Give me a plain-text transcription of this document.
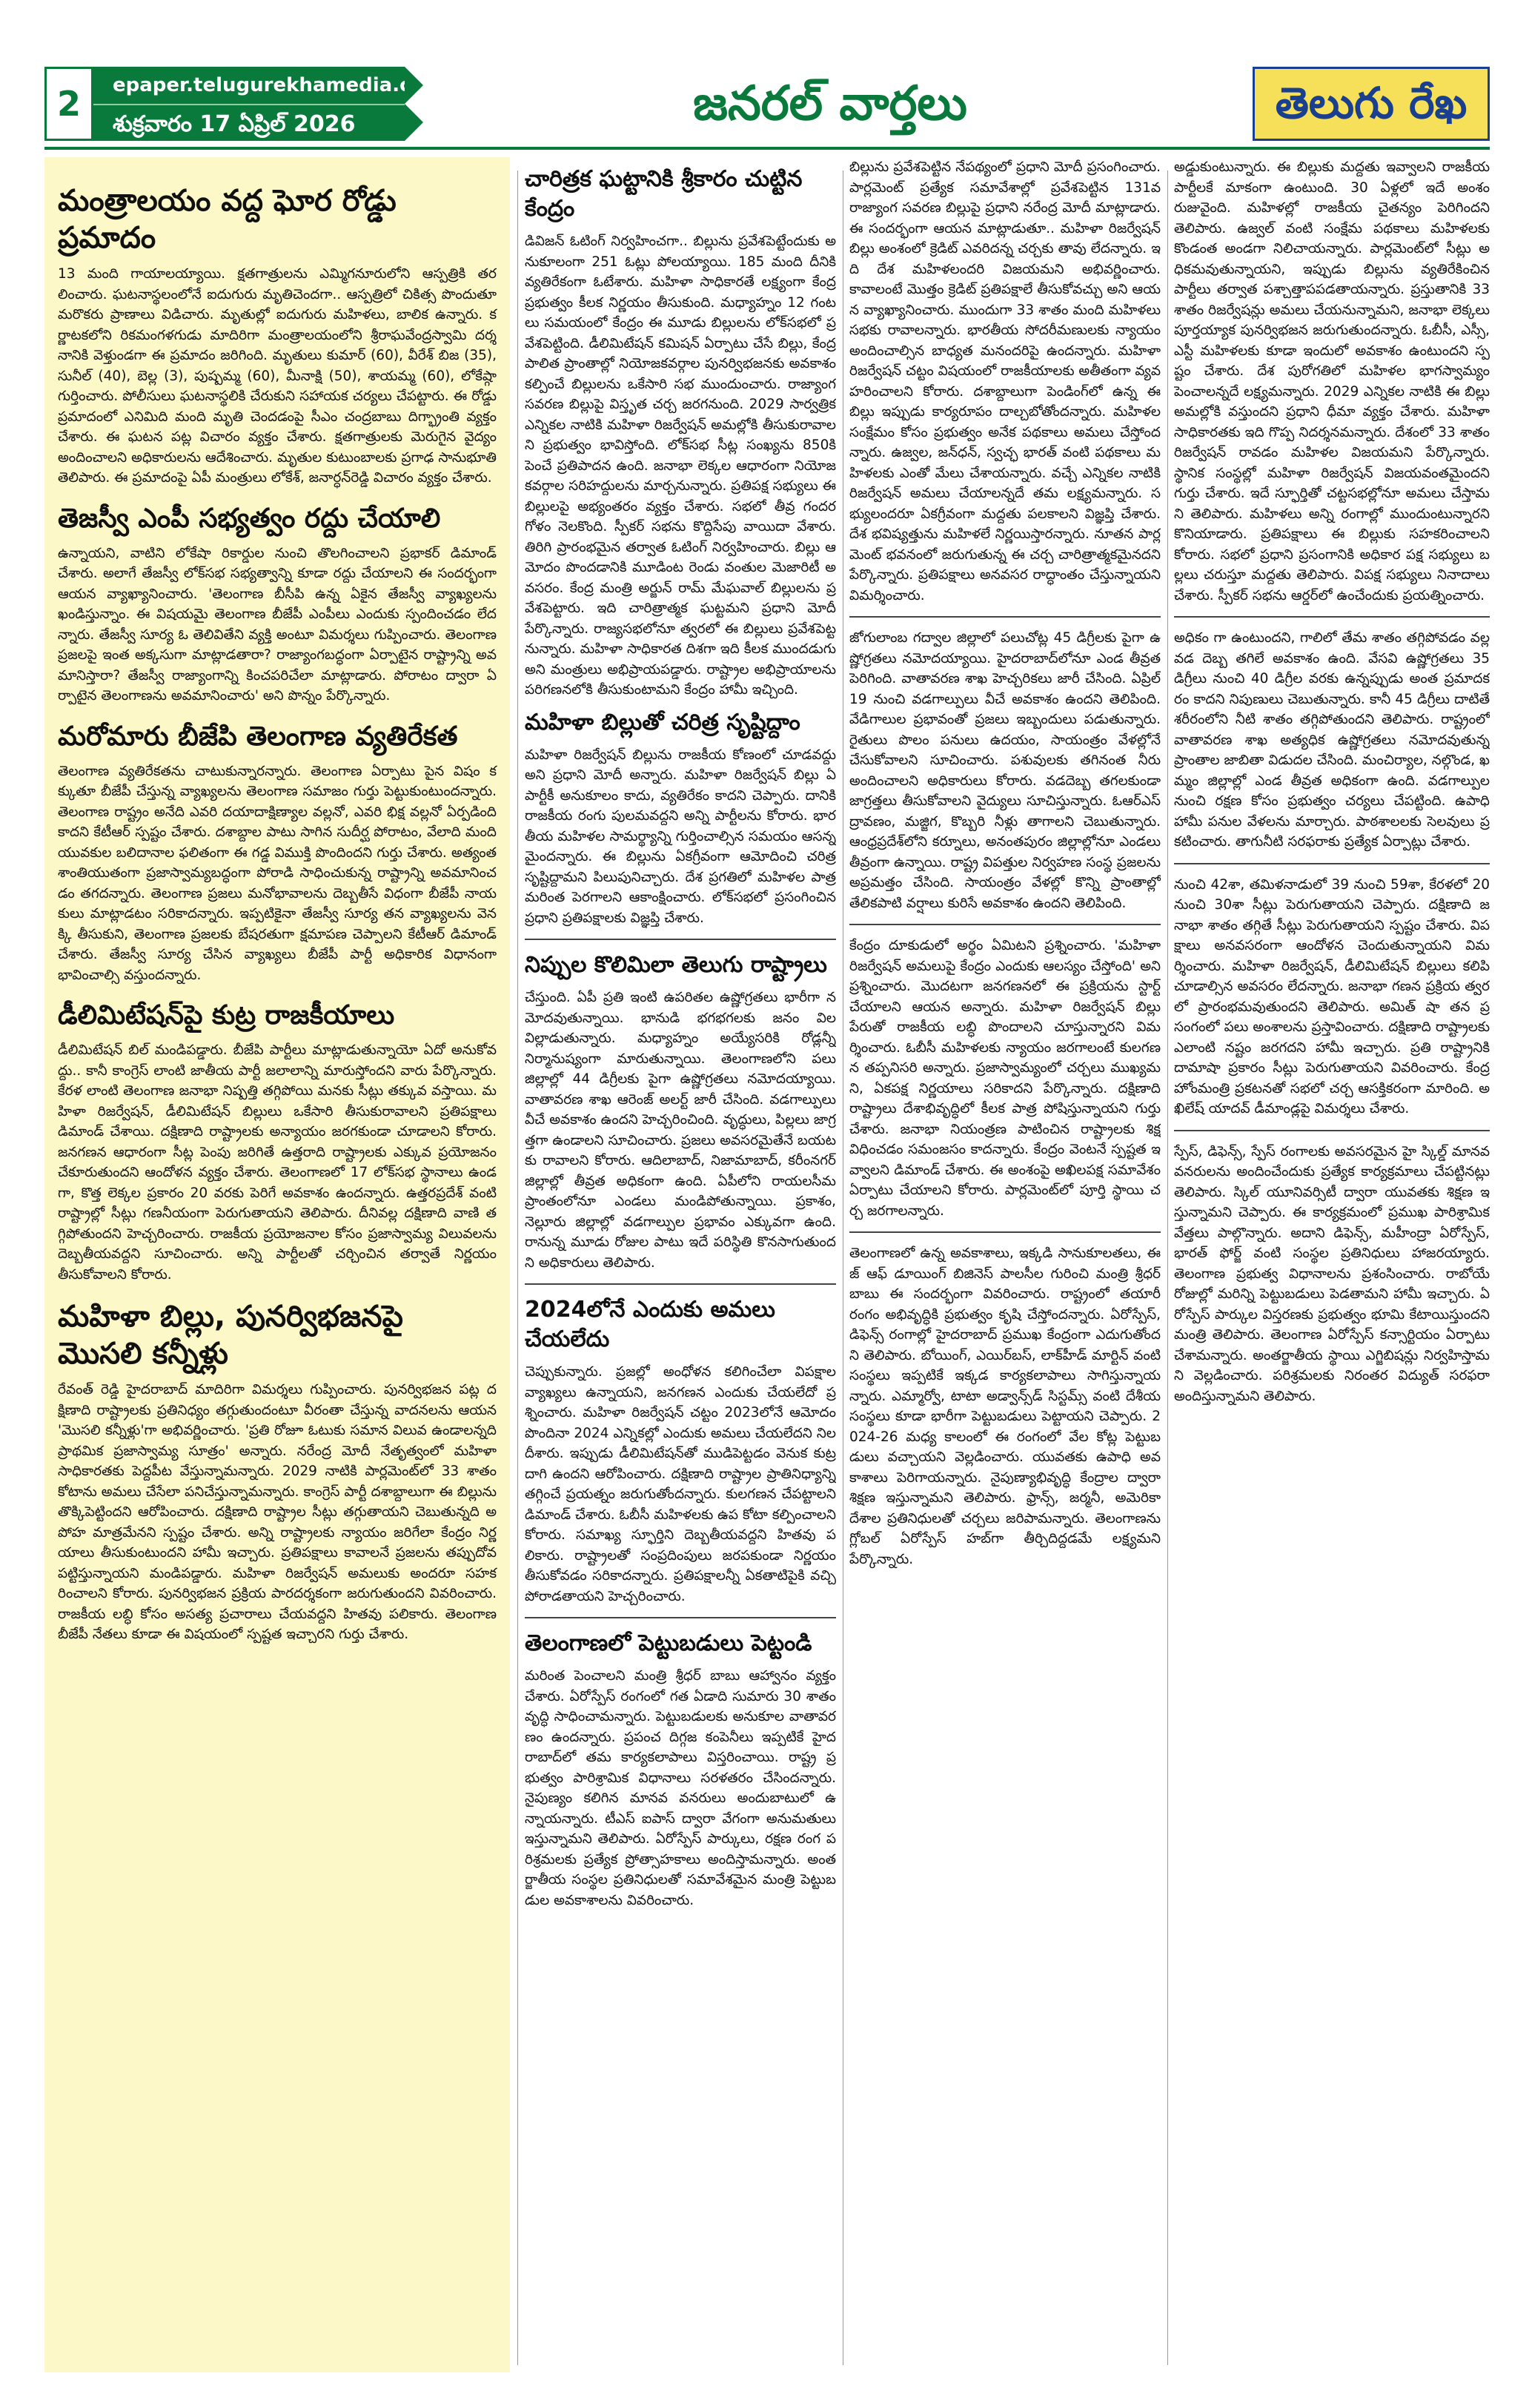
2	epaper.telugurekhamedia.com
శుక్రవారం 17 ఏప్రిల్ 2026	జనరల్ వార్తలు	తెలుగు రేఖ
మంత్రాలయం వద్ద ఘోర రోడ్డు ప్రమాదం

13 మంది గాయాలయ్యాయి. క్షతగాత్రులను ఎమ్మిగనూరులోని ఆస్పత్రికి తరలించారు. ఘటనాస్థలంలోనే ఐదుగురు మృతిచెందగా.. ఆస్పత్రిలో చికిత్స పొందుతూ మరొకరు ప్రాణాలు విడిచారు. మృతుల్లో ఐదుగురు మహిళలు, బాలిక ఉన్నారు. కర్ణాటకలోని రికమంగళగుడు మాదిరిగా మంత్రాలయంలోని శ్రీరాఘవేంద్రస్వామి దర్శనానికి వెళ్తుండగా ఈ ప్రమాదం జరిగింది. మృతులు కుమార్ (60), వీరేశ్ బిజ (35), సునీల్ (40), బెల్ల (3), పుష్పమ్మ (60), మీనాక్షి (50), శాయమ్మ (60), లోకేష్గా గుర్తించారు. పోలీసులు ఘటనాస్థలికి చేరుకుని సహాయక చర్యలు చేపట్టారు. ఈ రోడ్డు ప్రమాదంలో ఎనిమిది మంది మృతి చెందడంపై సీఎం చంద్రబాబు దిగ్భ్రాంతి వ్యక్తం చేశారు. ఈ ఘటన పట్ల విచారం వ్యక్తం చేశారు. క్షతగాత్రులకు మెరుగైన వైద్యం అందించాలని అధికారులను ఆదేశించారు. మృతుల కుటుంబాలకు ప్రగాఢ సానుభూతి తెలిపారు. ఈ ప్రమాదంపై ఏపీ మంత్రులు లోకేశ్, జనార్ధన్‌రెడ్డి విచారం వ్యక్తం చేశారు.

తెజస్వీ ఎంపీ సభ్యత్వం రద్దు చేయాలి

ఉన్నాయని, వాటిని లోకేషా రికార్డుల నుంచి తొలగించాలని ప్రభాకర్ డిమాండ్ చేశారు. అలాగే తేజస్వీ లోక్‌సభ సభ్యత్వాన్ని కూడా రద్దు చేయాలని ఈ సందర్భంగా ఆయన వ్యాఖ్యానించారు. 'తెలంగాణ బీసీపి ఉన్న ఏకైన తేజస్వీ వ్యాఖ్యలను ఖండిస్తున్నాం. ఈ విషయమై తెలంగాణ బీజేపీ ఎంపీలు ఎందుకు స్పందించడం లేదన్నారు. తేజస్వీ సూర్య ఓ తెలివితేని వ్యక్తి అంటూ విమర్శలు గుప్పించారు. తెలంగాణ ప్రజలపై ఇంత అక్కసుగా మాట్లాడతారా? రాజ్యాంగబద్ధంగా ఏర్పాటైన రాష్ట్రాన్ని అవమానిస్తారా? తేజస్వీ రాజ్యాంగాన్ని కించపరిచేలా మాట్లాడారు. పోరాటం ద్వారా ఏర్పాటైన తెలంగాణను అవమానించారు' అని పొన్నం పేర్కొన్నారు.

మరోమారు బీజేపి తెలంగాణ వ్యతిరేకత

తెలంగాణ వ్యతిరేకతను చాటుకున్నారన్నారు. తెలంగాణ ఏర్పాటు పైన విషం కక్కుతూ బీజేపీ చేస్తున్న వ్యాఖ్యలను తెలంగాణ సమాజం గుర్తు పెట్టుకుంటుందన్నారు. తెలంగాణ రాష్ట్రం అనేది ఎవరి దయాదాక్షిణ్యాల వల్లనో, ఎవరి భిక్ష వల్లనో ఏర్పడింది కాదని కేటీఆర్ స్పష్టం చేశారు. దశాబ్దాల పాటు సాగిన సుదీర్ఘ పోరాటం, వేలాది మంది యువకుల బలిదానాల ఫలితంగా ఈ గడ్డ విముక్తి పొందిందని గుర్తు చేశారు. అత్యంత శాంతియుతంగా ప్రజాస్వామ్యబద్ధంగా పోరాడి సాధించుకున్న రాష్ట్రాన్ని అవమానించడం తగదన్నారు. తెలంగాణ ప్రజలు మనోభావాలను దెబ్బతీసే విధంగా బీజేపీ నాయకులు మాట్లాడటం సరికాదన్నారు. ఇప్పటికైనా తేజస్వీ సూర్య తన వ్యాఖ్యలను వెనక్కి తీసుకుని, తెలంగాణ ప్రజలకు బేషరతుగా క్షమాపణ చెప్పాలని కేటీఆర్ డిమాండ్ చేశారు. తేజస్వీ సూర్య చేసిన వ్యాఖ్యలు బీజేపీ పార్టీ అధికారిక విధానంగా భావించాల్సి వస్తుందన్నారు.

డీలిమిటేషన్‌పై కుట్ర రాజకీయాలు

డీలిమిటేషన్ బిల్ మండిపడ్డారు. బీజేపి పార్టీలు మాట్లాడుతున్నాయో ఏదో అనుకోవద్దు.. కానీ కాంగ్రెస్ లాంటి జాతీయ పార్టీ జలాలాన్ని మారుస్తోందని వారు పేర్కొన్నారు. కేరళ లాంటి తెలంగాణ జనాభా నిష్పత్తి తగ్గిపోయి మనకు సీట్లు తక్కువ వస్తాయి. మహిళా రిజర్వేషన్, డీలిమిటేషన్ బిల్లులు ఒకేసారి తీసుకురావాలని ప్రతిపక్షాలు డిమాండ్ చేశాయి. దక్షిణాది రాష్ట్రాలకు అన్యాయం జరగకుండా చూడాలని కోరారు. జనగణన ఆధారంగా సీట్ల పెంపు జరిగితే ఉత్తరాది రాష్ట్రాలకు ఎక్కువ ప్రయోజనం చేకూరుతుందని ఆందోళన వ్యక్తం చేశారు. తెలంగాణలో 17 లోక్‌సభ స్థానాలు ఉండగా, కొత్త లెక్కల ప్రకారం 20 వరకు పెరిగే అవకాశం ఉందన్నారు. ఉత్తరప్రదేశ్ వంటి రాష్ట్రాల్లో సీట్లు గణనీయంగా పెరుగుతాయని తెలిపారు. దీనివల్ల దక్షిణాది వాణి తగ్గిపోతుందని హెచ్చరించారు. రాజకీయ ప్రయోజనాల కోసం ప్రజాస్వామ్య విలువలను దెబ్బతీయవద్దని సూచించారు. అన్ని పార్టీలతో చర్చించిన తర్వాతే నిర్ణయం తీసుకోవాలని కోరారు.

మహిళా బిల్లు, పునర్విభజనపై మొసలి కన్నీళ్లు

రేవంత్ రెడ్డి హైదరాబాద్ మాదిరిగా విమర్శలు గుప్పించారు. పునర్విభజన పట్ల దక్షిణాది రాష్ట్రాలకు ప్రతినిధ్యం తగ్గుతుందంటూ వీరంతా చేస్తున్న వాదనలను ఆయన 'మొసలి కన్నీళ్లు'గా అభివర్ణించారు. 'ప్రతి రోజూ ఓటుకు సమాన విలువ ఉండాలన్నది ప్రాథమిక ప్రజాస్వామ్య సూత్రం' అన్నారు. నరేంద్ర మోదీ నేతృత్వంలో మహిళా సాధికారతకు పెద్దపీట వేస్తున్నామన్నారు. 2029 నాటికి పార్లమెంట్‌లో 33 శాతం కోటాను అమలు చేసేలా పనిచేస్తున్నామన్నారు. కాంగ్రెస్ పార్టీ దశాబ్దాలుగా ఈ బిల్లును తొక్కిపెట్టిందని ఆరోపించారు. దక్షిణాది రాష్ట్రాల సీట్లు తగ్గుతాయని చెబుతున్నది అపోహ మాత్రమేనని స్పష్టం చేశారు. అన్ని రాష్ట్రాలకు న్యాయం జరిగేలా కేంద్రం నిర్ణయాలు తీసుకుంటుందని హామీ ఇచ్చారు. ప్రతిపక్షాలు కావాలనే ప్రజలను తప్పుదోవ పట్టిస్తున్నాయని మండిపడ్డారు. మహిళా రిజర్వేషన్ అమలుకు అందరూ సహకరించాలని కోరారు. పునర్విభజన ప్రక్రియ పారదర్శకంగా జరుగుతుందని వివరించారు. రాజకీయ లబ్ధి కోసం అసత్య ప్రచారాలు చేయవద్దని హితవు పలికారు. తెలంగాణ బీజేపీ నేతలు కూడా ఈ విషయంలో స్పష్టత ఇచ్చారని గుర్తు చేశారు.

చారిత్రక ఘట్టానికి శ్రీకారం చుట్టిన కేంద్రం

డివిజన్ ఓటింగ్ నిర్వహించగా.. బిల్లును ప్రవేశపెట్టేందుకు అనుకూలంగా 251 ఓట్లు పోలయ్యాయి. 185 మంది దీనికి వ్యతిరేకంగా ఓటేశారు. మహిళా సాధికారతే లక్ష్యంగా కేంద్ర ప్రభుత్వం కీలక నిర్ణయం తీసుకుంది. మధ్యాహ్నం 12 గంటలు సమయంలో కేంద్రం ఈ మూడు బిల్లులను లోక్‌సభలో ప్రవేశపెట్టింది. డీలిమిటేషన్ కమిషన్ ఏర్పాటు చేసే బిల్లు, కేంద్ర పాలిత ప్రాంతాల్లో నియోజకవర్గాల పునర్విభజనకు అవకాశం కల్పించే బిల్లులను ఒకేసారి సభ ముందుంచారు. రాజ్యాంగ సవరణ బిల్లుపై విస్తృత చర్చ జరగనుంది. 2029 సార్వత్రిక ఎన్నికల నాటికి మహిళా రిజర్వేషన్ అమల్లోకి తీసుకురావాలని ప్రభుత్వం భావిస్తోంది. లోక్‌సభ సీట్ల సంఖ్యను 850కి పెంచే ప్రతిపాదన ఉంది. జనాభా లెక్కల ఆధారంగా నియోజకవర్గాల సరిహద్దులను మార్చనున్నారు. ప్రతిపక్ష సభ్యులు ఈ బిల్లులపై అభ్యంతరం వ్యక్తం చేశారు. సభలో తీవ్ర గందరగోళం నెలకొంది. స్పీకర్ సభను కొద్దిసేపు వాయిదా వేశారు. తిరిగి ప్రారంభమైన తర్వాత ఓటింగ్ నిర్వహించారు. బిల్లు ఆమోదం పొందడానికి మూడింట రెండు వంతుల మెజారిటీ అవసరం. కేంద్ర మంత్రి అర్జున్ రామ్ మేఘవాల్ బిల్లులను ప్రవేశపెట్టారు. ఇది చారిత్రాత్మక ఘట్టమని ప్రధాని మోదీ పేర్కొన్నారు. రాజ్యసభలోనూ త్వరలో ఈ బిల్లులు ప్రవేశపెట్టనున్నారు. మహిళా సాధికారత దిశగా ఇది కీలక ముందడుగు అని మంత్రులు అభిప్రాయపడ్డారు. రాష్ట్రాల అభిప్రాయాలను పరిగణనలోకి తీసుకుంటామని కేంద్రం హామీ ఇచ్చింది.

మహిళా బిల్లుతో చరిత్ర సృష్టిద్దాం

మహిళా రిజర్వేషన్ బిల్లును రాజకీయ కోణంలో చూడవద్దు అని ప్రధాని మోదీ అన్నారు. మహిళా రిజర్వేషన్ బిల్లు ఏ పార్టీకీ అనుకూలం కాదు, వ్యతిరేకం కాదని చెప్పారు. దానికి రాజకీయ రంగు పులమవద్దని అన్ని పార్టీలను కోరారు. భారతీయ మహిళల సామర్థ్యాన్ని గుర్తించాల్సిన సమయం ఆసన్నమైందన్నారు. ఈ బిల్లును ఏకగ్రీవంగా ఆమోదించి చరిత్ర సృష్టిద్దామని పిలుపునిచ్చారు. దేశ ప్రగతిలో మహిళల పాత్ర మరింత పెరగాలని ఆకాంక్షించారు. లోక్‌సభలో ప్రసంగించిన ప్రధాని ప్రతిపక్షాలకు విజ్ఞప్తి చేశారు.

నిప్పుల కొలిమిలా తెలుగు రాష్ట్రాలు

చేస్తుంది. ఏపీ ప్రతి ఇంటి ఉపరితల ఉష్ణోగ్రతలు భారీగా నమోదవుతున్నాయి. భానుడి భగభగలకు జనం విలవిల్లాడుతున్నారు. మధ్యాహ్నం అయ్యేసరికి రోడ్లన్నీ నిర్మానుష్యంగా మారుతున్నాయి. తెలంగాణలోని పలు జిల్లాల్లో 44 డిగ్రీలకు పైగా ఉష్ణోగ్రతలు నమోదయ్యాయి. వాతావరణ శాఖ ఆరెంజ్ అలర్ట్ జారీ చేసింది. వడగాల్పులు వీచే అవకాశం ఉందని హెచ్చరించింది. వృద్ధులు, పిల్లలు జాగ్రత్తగా ఉండాలని సూచించారు. ప్రజలు అవసరమైతేనే బయటకు రావాలని కోరారు. ఆదిలాబాద్, నిజామాబాద్, కరీంనగర్ జిల్లాల్లో తీవ్రత అధికంగా ఉంది. ఏపీలోని రాయలసీమ ప్రాంతంలోనూ ఎండలు మండిపోతున్నాయి. ప్రకాశం, నెల్లూరు జిల్లాల్లో వడగాల్పుల ప్రభావం ఎక్కువగా ఉంది. రానున్న మూడు రోజుల పాటు ఇదే పరిస్థితి కొనసాగుతుందని అధికారులు తెలిపారు.

2024లోనే ఎందుకు అమలు చేయలేదు

చెప్పుకున్నారు. ప్రజల్లో అంధోళన కలిగించేలా విపక్షాల వ్యాఖ్యలు ఉన్నాయని, జనగణన ఎందుకు చేయలేదో ప్రశ్నించారు. మహిళా రిజర్వేషన్ చట్టం 2023లోనే ఆమోదం పొందినా 2024 ఎన్నికల్లో ఎందుకు అమలు చేయలేదని నిలదీశారు. ఇప్పుడు డీలిమిటేషన్‌తో ముడిపెట్టడం వెనుక కుట్ర దాగి ఉందని ఆరోపించారు. దక్షిణాది రాష్ట్రాల ప్రాతినిధ్యాన్ని తగ్గించే ప్రయత్నం జరుగుతోందన్నారు. కులగణన చేపట్టాలని డిమాండ్ చేశారు. ఓబీసీ మహిళలకు ఉప కోటా కల్పించాలని కోరారు. సమాఖ్య స్ఫూర్తిని దెబ్బతీయవద్దని హితవు పలికారు. రాష్ట్రాలతో సంప్రదింపులు జరపకుండా నిర్ణయం తీసుకోవడం సరికాదన్నారు. ప్రతిపక్షాలన్నీ ఏకతాటిపైకి వచ్చి పోరాడతాయని హెచ్చరించారు.

తెలంగాణలో పెట్టుబడులు పెట్టండి

మరింత పెంచాలని మంత్రి శ్రీధర్ బాబు ఆహ్వానం వ్యక్తం చేశారు. ఏరోస్పేస్ రంగంలో గత ఏడాది సుమారు 30 శాతం వృద్ధి సాధించామన్నారు. పెట్టుబడులకు అనుకూల వాతావరణం ఉందన్నారు. ప్రపంచ దిగ్గజ కంపెనీలు ఇప్పటికే హైదరాబాద్‌లో తమ కార్యకలాపాలు విస్తరించాయి. రాష్ట్ర ప్రభుత్వం పారిశ్రామిక విధానాలు సరళతరం చేసిందన్నారు. నైపుణ్యం కలిగిన మానవ వనరులు అందుబాటులో ఉన్నాయన్నారు. టీఎస్ ఐపాస్ ద్వారా వేగంగా అనుమతులు ఇస్తున్నామని తెలిపారు. ఏరోస్పేస్ పార్కులు, రక్షణ రంగ పరిశ్రమలకు ప్రత్యేక ప్రోత్సాహకాలు అందిస్తామన్నారు. అంతర్జాతీయ సంస్థల ప్రతినిధులతో సమావేశమైన మంత్రి పెట్టుబడుల అవకాశాలను వివరించారు.

బిల్లును ప్రవేశపెట్టిన నేపథ్యంలో ప్రధాని మోదీ ప్రసంగించారు. పార్లమెంట్ ప్రత్యేక సమావేశాల్లో ప్రవేశపెట్టిన 131వ రాజ్యాంగ సవరణ బిల్లుపై ప్రధాని నరేంద్ర మోదీ మాట్లాడారు. ఈ సందర్భంగా ఆయన మాట్లాడుతూ.. మహిళా రిజర్వేషన్ బిల్లు అంశంలో క్రెడిట్ ఎవరిదన్న చర్చకు తావు లేదన్నారు. ఇది దేశ మహిళలందరి విజయమని అభివర్ణించారు. కావాలంటే మొత్తం క్రెడిట్ ప్రతిపక్షాలే తీసుకోవచ్చు అని ఆయన వ్యాఖ్యానించారు. ముందుగా 33 శాతం మంది మహిళలు సభకు రావాలన్నారు. భారతీయ సోదరీమణులకు న్యాయం అందించాల్సిన బాధ్యత మనందరిపై ఉందన్నారు. మహిళా రిజర్వేషన్ చట్టం విషయంలో రాజకీయాలకు అతీతంగా వ్యవహరించాలని కోరారు. దశాబ్దాలుగా పెండింగ్‌లో ఉన్న ఈ బిల్లు ఇప్పుడు కార్యరూపం దాల్చబోతోందన్నారు. మహిళల సంక్షేమం కోసం ప్రభుత్వం అనేక పథకాలు అమలు చేస్తోందన్నారు. ఉజ్వల, జన్‌ధన్, స్వచ్ఛ భారత్ వంటి పథకాలు మహిళలకు ఎంతో మేలు చేశాయన్నారు. వచ్చే ఎన్నికల నాటికి రిజర్వేషన్ అమలు చేయాలన్నదే తమ లక్ష్యమన్నారు. సభ్యులందరూ ఏకగ్రీవంగా మద్దతు పలకాలని విజ్ఞప్తి చేశారు. దేశ భవిష్యత్తును మహిళలే నిర్ణయిస్తారన్నారు. నూతన పార్లమెంట్ భవనంలో జరుగుతున్న ఈ చర్చ చారిత్రాత్మకమైనదని పేర్కొన్నారు. ప్రతిపక్షాలు అనవసర రాద్ధాంతం చేస్తున్నాయని విమర్శించారు.

జోగులాంబ గద్వాల జిల్లాలో పలుచోట్ల 45 డిగ్రీలకు పైగా ఉష్ణోగ్రతలు నమోదయ్యాయి. హైదరాబాద్‌లోనూ ఎండ తీవ్రత పెరిగింది. వాతావరణ శాఖ హెచ్చరికలు జారీ చేసింది. ఏప్రిల్ 19 నుంచి వడగాల్పులు వీచే అవకాశం ఉందని తెలిపింది. వేడిగాలుల ప్రభావంతో ప్రజలు ఇబ్బందులు పడుతున్నారు. రైతులు పొలం పనులు ఉదయం, సాయంత్రం వేళల్లోనే చేసుకోవాలని సూచించారు. పశువులకు తగినంత నీరు అందించాలని అధికారులు కోరారు. వడదెబ్బ తగలకుండా జాగ్రత్తలు తీసుకోవాలని వైద్యులు సూచిస్తున్నారు. ఓఆర్‌ఎస్ ద్రావణం, మజ్జిగ, కొబ్బరి నీళ్లు తాగాలని చెబుతున్నారు. ఆంధ్రప్రదేశ్‌లోని కర్నూలు, అనంతపురం జిల్లాల్లోనూ ఎండలు తీవ్రంగా ఉన్నాయి. రాష్ట్ర విపత్తుల నిర్వహణ సంస్థ ప్రజలను అప్రమత్తం చేసింది. సాయంత్రం వేళల్లో కొన్ని ప్రాంతాల్లో తేలికపాటి వర్షాలు కురిసే అవకాశం ఉందని తెలిపింది.

కేంద్రం దూకుడులో అర్థం ఏమిటని ప్రశ్నించారు. 'మహిళా రిజర్వేషన్ అమలుపై కేంద్రం ఎందుకు ఆలస్యం చేస్తోంది' అని ప్రశ్నించారు. మొదటగా జనగణనలో ఈ ప్రక్రియను స్టార్ట్ చేయాలని ఆయన అన్నారు. మహిళా రిజర్వేషన్ బిల్లు పేరుతో రాజకీయ లబ్ధి పొందాలని చూస్తున్నారని విమర్శించారు. ఓబీసీ మహిళలకు న్యాయం జరగాలంటే కులగణన తప్పనిసరి అన్నారు. ప్రజాస్వామ్యంలో చర్చలు ముఖ్యమని, ఏకపక్ష నిర్ణయాలు సరికాదని పేర్కొన్నారు. దక్షిణాది రాష్ట్రాలు దేశాభివృద్ధిలో కీలక పాత్ర పోషిస్తున్నాయని గుర్తు చేశారు. జనాభా నియంత్రణ పాటించిన రాష్ట్రాలకు శిక్ష విధించడం సమంజసం కాదన్నారు. కేంద్రం వెంటనే స్పష్టత ఇవ్వాలని డిమాండ్ చేశారు. ఈ అంశంపై అఖిలపక్ష సమావేశం ఏర్పాటు చేయాలని కోరారు. పార్లమెంట్‌లో పూర్తి స్థాయి చర్చ జరగాలన్నారు.

తెలంగాణలో ఉన్న అవకాశాలు, ఇక్కడి సానుకూలతలు, ఈజ్ ఆఫ్ డూయింగ్ బిజినెస్ పాలసీల గురించి మంత్రి శ్రీధర్ బాబు ఈ సందర్భంగా వివరించారు. రాష్ట్రంలో తయారీ రంగం అభివృద్ధికి ప్రభుత్వం కృషి చేస్తోందన్నారు. ఏరోస్పేస్, డిఫెన్స్ రంగాల్లో హైదరాబాద్ ప్రముఖ కేంద్రంగా ఎదుగుతోందని తెలిపారు. బోయింగ్, ఎయిర్‌బస్, లాక్‌హీడ్ మార్టిన్ వంటి సంస్థలు ఇప్పటికే ఇక్కడ కార్యకలాపాలు సాగిస్తున్నాయన్నారు. ఎమ్మార్వో, టాటా అడ్వాన్స్‌డ్ సిస్టమ్స్ వంటి దేశీయ సంస్థలు కూడా భారీగా పెట్టుబడులు పెట్టాయని చెప్పారు. 2024-26 మధ్య కాలంలో ఈ రంగంలో వేల కోట్ల పెట్టుబడులు వచ్చాయని వెల్లడించారు. యువతకు ఉపాధి అవకాశాలు పెరిగాయన్నారు. నైపుణ్యాభివృద్ధి కేంద్రాల ద్వారా శిక్షణ ఇస్తున్నామని తెలిపారు. ఫ్రాన్స్, జర్మనీ, అమెరికా దేశాల ప్రతినిధులతో చర్చలు జరిపామన్నారు. తెలంగాణను గ్లోబల్ ఏరోస్పేస్ హబ్‌గా తీర్చిదిద్దడమే లక్ష్యమని పేర్కొన్నారు.

అడ్డుకుంటున్నారు. ఈ బిల్లుకు మద్దతు ఇవ్వాలని రాజకీయ పార్టీలకే మాకంగా ఉంటుంది. 30 ఏళ్లలో ఇదే అంశం రుజువైంది. మహిళల్లో రాజకీయ చైతన్యం పెరిగిందని తెలిపారు. ఉజ్వల్ వంటి సంక్షేమ పథకాలు మహిళలకు కొండంత అండగా నిలిచాయన్నారు. పార్లమెంట్‌లో సీట్లు అధికమవుతున్నాయని, ఇప్పుడు బిల్లును వ్యతిరేకించిన పార్టీలు తర్వాత పశ్చాత్తాపపడతాయన్నారు. ప్రస్తుతానికి 33 శాతం రిజర్వేషన్లు అమలు చేయనున్నామని, జనాభా లెక్కలు పూర్తయ్యాక పునర్విభజన జరుగుతుందన్నారు. ఓబీసీ, ఎస్సీ, ఎస్టీ మహిళలకు కూడా ఇందులో అవకాశం ఉంటుందని స్పష్టం చేశారు. దేశ పురోగతిలో మహిళల భాగస్వామ్యం పెంచాలన్నదే లక్ష్యమన్నారు. 2029 ఎన్నికల నాటికి ఈ బిల్లు అమల్లోకి వస్తుందని ప్రధాని ధీమా వ్యక్తం చేశారు. మహిళా సాధికారతకు ఇది గొప్ప నిదర్శనమన్నారు. దేశంలో 33 శాతం రిజర్వేషన్ రావడం మహిళల విజయమని పేర్కొన్నారు. స్థానిక సంస్థల్లో మహిళా రిజర్వేషన్ విజయవంతమైందని గుర్తు చేశారు. ఇదే స్ఫూర్తితో చట్టసభల్లోనూ అమలు చేస్తామని తెలిపారు. మహిళలు అన్ని రంగాల్లో ముందుంటున్నారని కొనియాడారు. ప్రతిపక్షాలు ఈ బిల్లుకు సహకరించాలని కోరారు. సభలో ప్రధాని ప్రసంగానికి అధికార పక్ష సభ్యులు బల్లలు చరుస్తూ మద్దతు తెలిపారు. విపక్ష సభ్యులు నినాదాలు చేశారు. స్పీకర్ సభను ఆర్డర్‌లో ఉంచేందుకు ప్రయత్నించారు.

అధికం గా ఉంటుందని, గాలిలో తేమ శాతం తగ్గిపోవడం వల్ల వడ దెబ్బ తగిలే అవకాశం ఉంది. వేసవి ఉష్ణోగ్రతలు 35 డిగ్రీలు నుంచి 40 డిగ్రీల వరకు ఉన్నప్పుడు అంత ప్రమాదకరం కాదని నిపుణులు చెబుతున్నారు. కానీ 45 డిగ్రీలు దాటితే శరీరంలోని నీటి శాతం తగ్గిపోతుందని తెలిపారు. రాష్ట్రంలో వాతావరణ శాఖ అత్యధిక ఉష్ణోగ్రతలు నమోదవుతున్న ప్రాంతాల జాబితా విడుదల చేసింది. మంచిర్యాల, నల్గొండ, ఖమ్మం జిల్లాల్లో ఎండ తీవ్రత అధికంగా ఉంది. వడగాల్పుల నుంచి రక్షణ కోసం ప్రభుత్వం చర్యలు చేపట్టింది. ఉపాధి హామీ పనుల వేళలను మార్చారు. పాఠశాలలకు సెలవులు ప్రకటించారు. తాగునీటి సరఫరాకు ప్రత్యేక ఏర్పాట్లు చేశారు.

నుంచి 42శా, తమిళనాడులో 39 నుంచి 59శా, కేరళలో 20 నుంచి 30శా సీట్లు పెరుగుతాయని చెప్పారు. దక్షిణాది జనాభా శాతం తగ్గితే సీట్లు పెరుగుతాయని స్పష్టం చేశారు. విపక్షాలు అనవసరంగా ఆందోళన చెందుతున్నాయని విమర్శించారు. మహిళా రిజర్వేషన్, డీలిమిటేషన్ బిల్లులు కలిపి చూడాల్సిన అవసరం లేదన్నారు. జనాభా గణన ప్రక్రియ త్వరలో ప్రారంభమవుతుందని తెలిపారు. అమిత్ షా తన ప్రసంగంలో పలు అంశాలను ప్రస్తావించారు. దక్షిణాది రాష్ట్రాలకు ఎలాంటి నష్టం జరగదని హామీ ఇచ్చారు. ప్రతి రాష్ట్రానికి దామాషా ప్రకారం సీట్లు పెరుగుతాయని వివరించారు. కేంద్ర హోంమంత్రి ప్రకటనతో సభలో చర్చ ఆసక్తికరంగా మారింది. అఖిలేష్ యాదవ్ డీమాండ్లపై విమర్శలు చేశారు.

స్పేస్, డిఫెన్స్, స్పేస్ రంగాలకు అవసరమైన హై స్కిల్డ్ మానవ వనరులను అందించేందుకు ప్రత్యేక కార్యక్రమాలు చేపట్టినట్లు తెలిపారు. స్కిల్ యూనివర్సిటీ ద్వారా యువతకు శిక్షణ ఇస్తున్నామని చెప్పారు. ఈ కార్యక్రమంలో ప్రముఖ పారిశ్రామికవేత్తలు పాల్గొన్నారు. అదాని డిఫెన్స్, మహీంద్రా ఏరోస్పేస్, భారత్ ఫోర్జ్ వంటి సంస్థల ప్రతినిధులు హాజరయ్యారు. తెలంగాణ ప్రభుత్వ విధానాలను ప్రశంసించారు. రాబోయే రోజుల్లో మరిన్ని పెట్టుబడులు పెడతామని హామీ ఇచ్చారు. ఏరోస్పేస్ పార్కుల విస్తరణకు ప్రభుత్వం భూమి కేటాయిస్తుందని మంత్రి తెలిపారు. తెలంగాణ ఏరోస్పేస్ కన్సార్టియం ఏర్పాటు చేశామన్నారు. అంతర్జాతీయ స్థాయి ఎగ్జిబిషన్లు నిర్వహిస్తామని వెల్లడించారు. పరిశ్రమలకు నిరంతర విద్యుత్ సరఫరా అందిస్తున్నామని తెలిపారు.
